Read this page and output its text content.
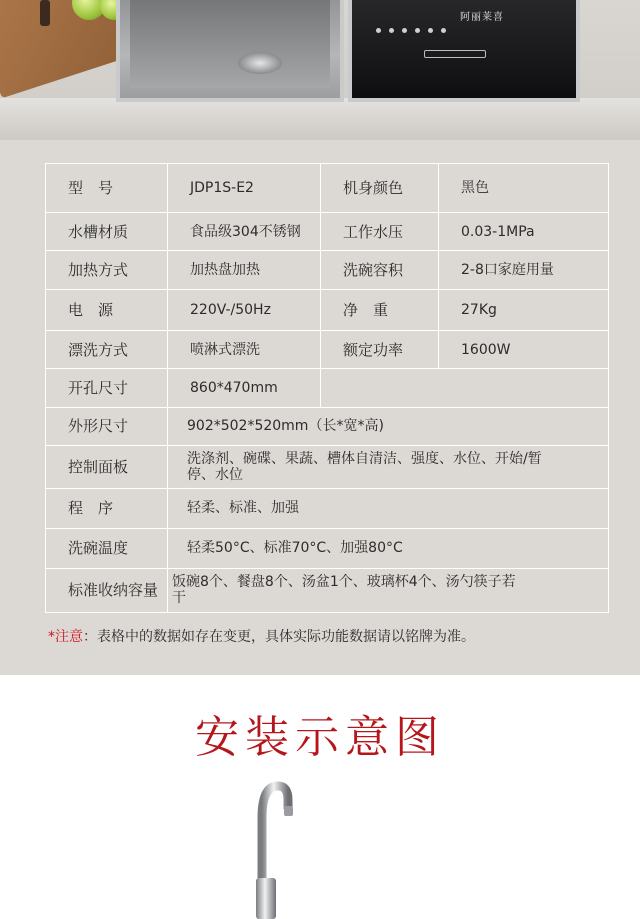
阿丽莱喜
型　号	JDP1S-E2	机身颜色	黑色
水槽材质	食品级304不锈钢	工作水压	0.03-1MPa
加热方式	加热盘加热	洗碗容积	2-8口家庭用量
电　源	220V-/50Hz	净　重	27Kg
漂洗方式	喷淋式漂洗	额定功率	1600W
开孔尺寸	860*470mm		
外形尺寸	902*502*520mm（长*宽*高)		
控制面板	洗涤剂、碗碟、果蔬、槽体自清洁、强度、水位、开始/暂停、水位		
程　序	轻柔、标准、加强		
洗碗温度	轻柔50°C、标准70°C、加强80°C		
标准收纳容量	饭碗8个、餐盘8个、汤盆1个、玻璃杯4个、汤勺筷子若干		
*注意：表格中的数据如存在变更，具体实际功能数据请以铭牌为准。
安装示意图
